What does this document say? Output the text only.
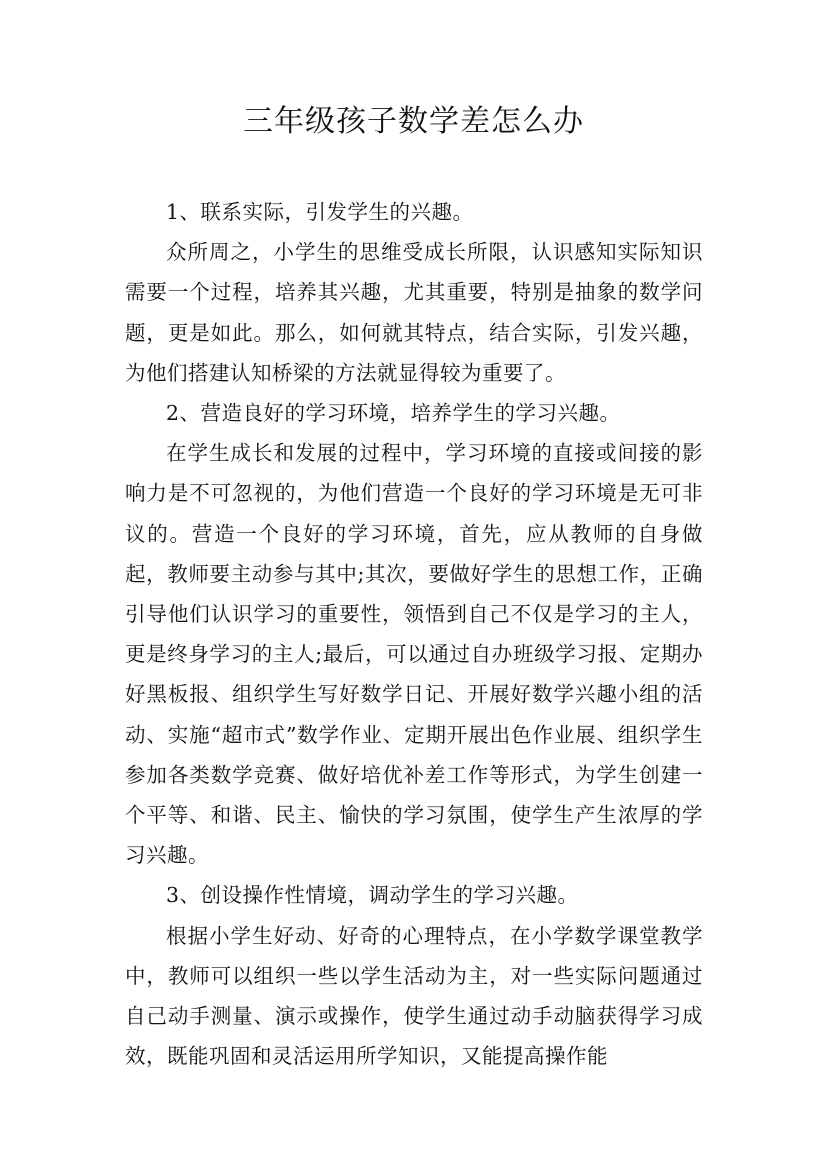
三年级孩子数学差怎么办

1、联系实际，引发学生的兴趣。

众所周之，小学生的思维受成长所限，认识感知实际知识需要一个过程，培养其兴趣，尤其重要，特别是抽象的数学问题，更是如此。那么，如何就其特点，结合实际，引发兴趣，为他们搭建认知桥梁的方法就显得较为重要了。

2、营造良好的学习环境，培养学生的学习兴趣。

在学生成长和发展的过程中，学习环境的直接或间接的影响力是不可忽视的，为他们营造一个良好的学习环境是无可非议的。营造一个良好的学习环境，首先，应从教师的自身做起，教师要主动参与其中;其次，要做好学生的思想工作，正确引导他们认识学习的重要性，领悟到自己不仅是学习的主人，更是终身学习的主人;最后，可以通过自办班级学习报、定期办好黑板报、组织学生写好数学日记、开展好数学兴趣小组的活动、实施“超市式”数学作业、定期开展出色作业展、组织学生参加各类数学竞赛、做好培优补差工作等形式，为学生创建一个平等、和谐、民主、愉快的学习氛围，使学生产生浓厚的学习兴趣。

3、创设操作性情境，调动学生的学习兴趣。

根据小学生好动、好奇的心理特点，在小学数学课堂教学中，教师可以组织一些以学生活动为主，对一些实际问题通过自己动手测量、演示或操作，使学生通过动手动脑获得学习成效，既能巩固和灵活运用所学知识，又能提高操作能
